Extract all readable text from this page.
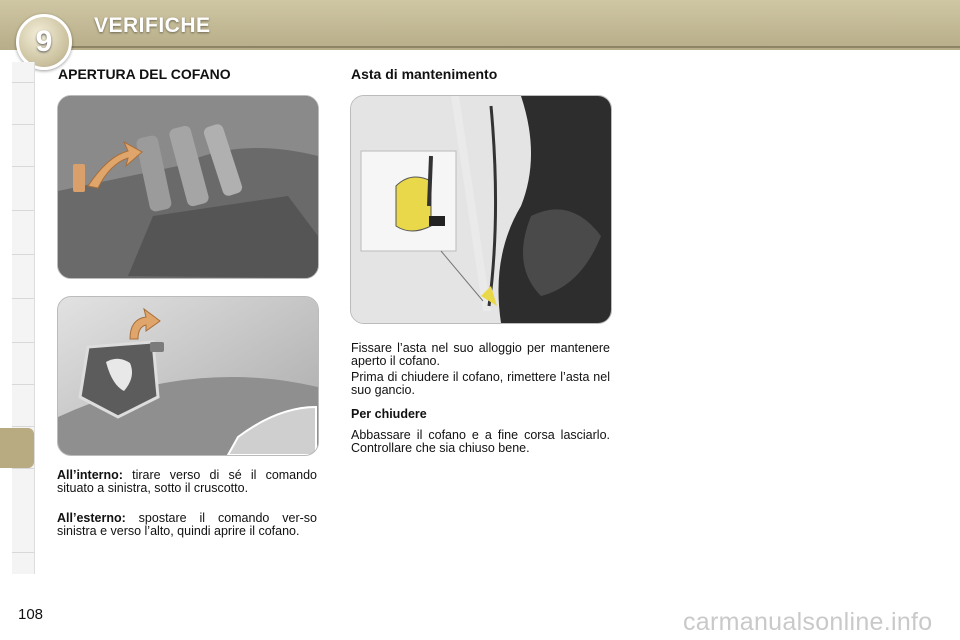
9	VERIFICHE
APERTURA DEL COFANO	Asta di mantenimento
All’interno: tirare verso di sé il comando situato a sinistra, sotto il cruscotto.
All’esterno: spostare il comando ver-so sinistra e verso l’alto, quindi aprire il cofano.
Fissare l’asta nel suo alloggio per mantenere aperto il cofano.
Prima di chiudere il cofano, rimettere l’asta nel suo gancio.
Per chiudere
Abbassare il cofano e a fine corsa lasciarlo. Controllare che sia chiuso bene.
108	carmanualsonline.info
